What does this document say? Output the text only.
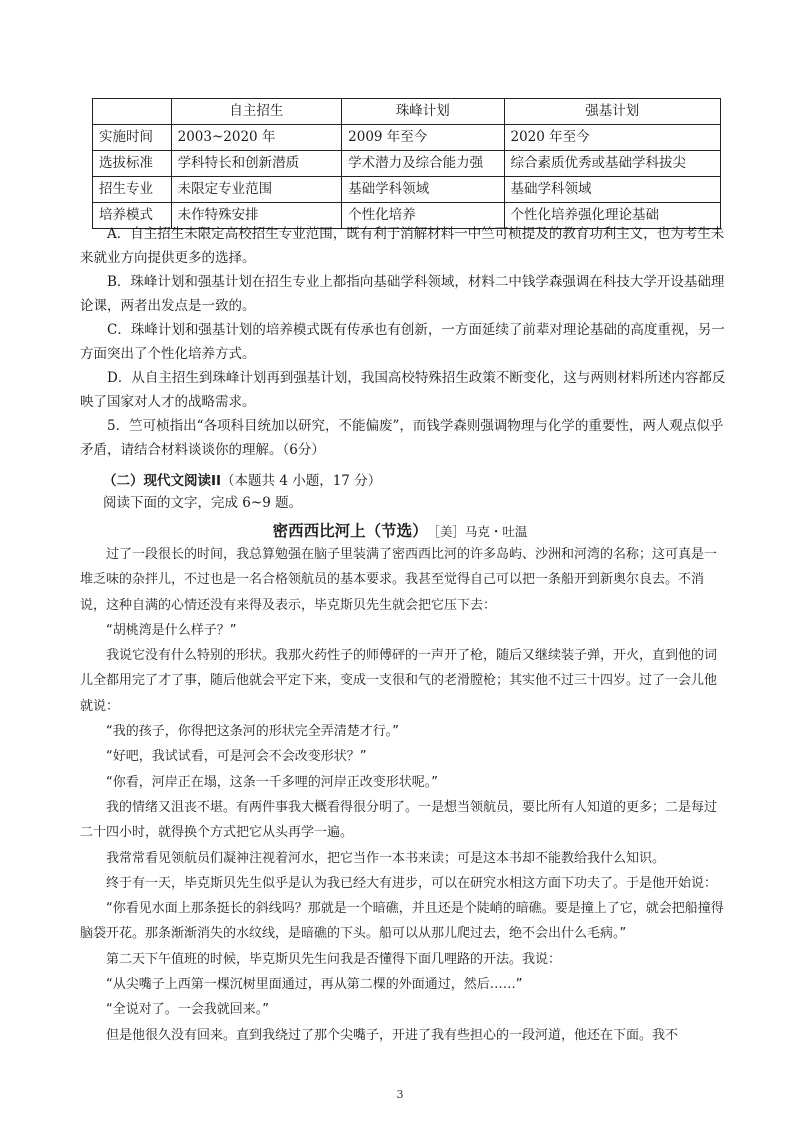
	自主招生	珠峰计划	强基计划
实施时间	2003~2020 年	2009 年至今	2020 年至今
选拔标准	学科特长和创新潜质	学术潜力及综合能力强	综合素质优秀或基础学科拔尖
招生专业	未限定专业范围	基础学科领域	基础学科领域
培养模式	未作特殊安排	个性化培养	个性化培养强化理论基础

A．自主招生未限定高校招生专业范围，既有利于消解材料一中竺可桢提及的教育功利主义，也为考生未来就业方向提供更多的选择。

B．珠峰计划和强基计划在招生专业上都指向基础学科领域，材料二中钱学森强调在科技大学开设基础理论课，两者出发点是一致的。

C．珠峰计划和强基计划的培养模式既有传承也有创新，一方面延续了前辈对理论基础的高度重视，另一方面突出了个性化培养方式。

D．从自主招生到珠峰计划再到强基计划，我国高校特殊招生政策不断变化，这与两则材料所述内容都反映了国家对人才的战略需求。

5．竺可桢指出“各项科目统加以研究，不能偏废”，而钱学森则强调物理与化学的重要性，两人观点似乎矛盾，请结合材料谈谈你的理解。（6分）

（二）现代文阅读II（本题共 4 小题，17 分）
阅读下面的文字，完成 6~9 题。
密西西比河上（节选） ［美］马克・吐温

过了一段很长的时间，我总算勉强在脑子里装满了密西西比河的许多岛屿、沙洲和河湾的名称；这可真是一堆乏味的杂拌儿，不过也是一名合格领航员的基本要求。我甚至觉得自己可以把一条船开到新奥尔良去。不消说，这种自满的心情还没有来得及表示，毕克斯贝先生就会把它压下去：

“胡桃湾是什么样子？”

我说它没有什么特别的形状。我那火药性子的师傅砰的一声开了枪，随后又继续装子弹，开火，直到他的词儿全都用完了才了事，随后他就会平定下来，变成一支很和气的老滑膛枪；其实他不过三十四岁。过了一会儿他就说：

“我的孩子，你得把这条河的形状完全弄清楚才行。”

“好吧，我试试看，可是河会不会改变形状？”

“你看，河岸正在塌，这条一千多哩的河岸正改变形状呢。”

我的情绪又沮丧不堪。有两件事我大概看得很分明了。一是想当领航员，要比所有人知道的更多；二是每过二十四小时，就得换个方式把它从头再学一遍。

我常常看见领航员们凝神注视着河水，把它当作一本书来读；可是这本书却不能教给我什么知识。

终于有一天，毕克斯贝先生似乎是认为我已经大有进步，可以在研究水相这方面下功夫了。于是他开始说：

“你看见水面上那条挺长的斜线吗？那就是一个暗礁，并且还是个陡峭的暗礁。要是撞上了它，就会把船撞得脑袋开花。那条渐渐消失的水纹线，是暗礁的下头。船可以从那儿爬过去，绝不会出什么毛病。”

第二天下午值班的时候，毕克斯贝先生问我是否懂得下面几哩路的开法。我说：

“从尖嘴子上西第一棵沉树里面通过，再从第二棵的外面通过，然后……”

“全说对了。一会我就回来。”

但是他很久没有回来。直到我绕过了那个尖嘴子，开进了我有些担心的一段河道，他还在下面。我不

3
